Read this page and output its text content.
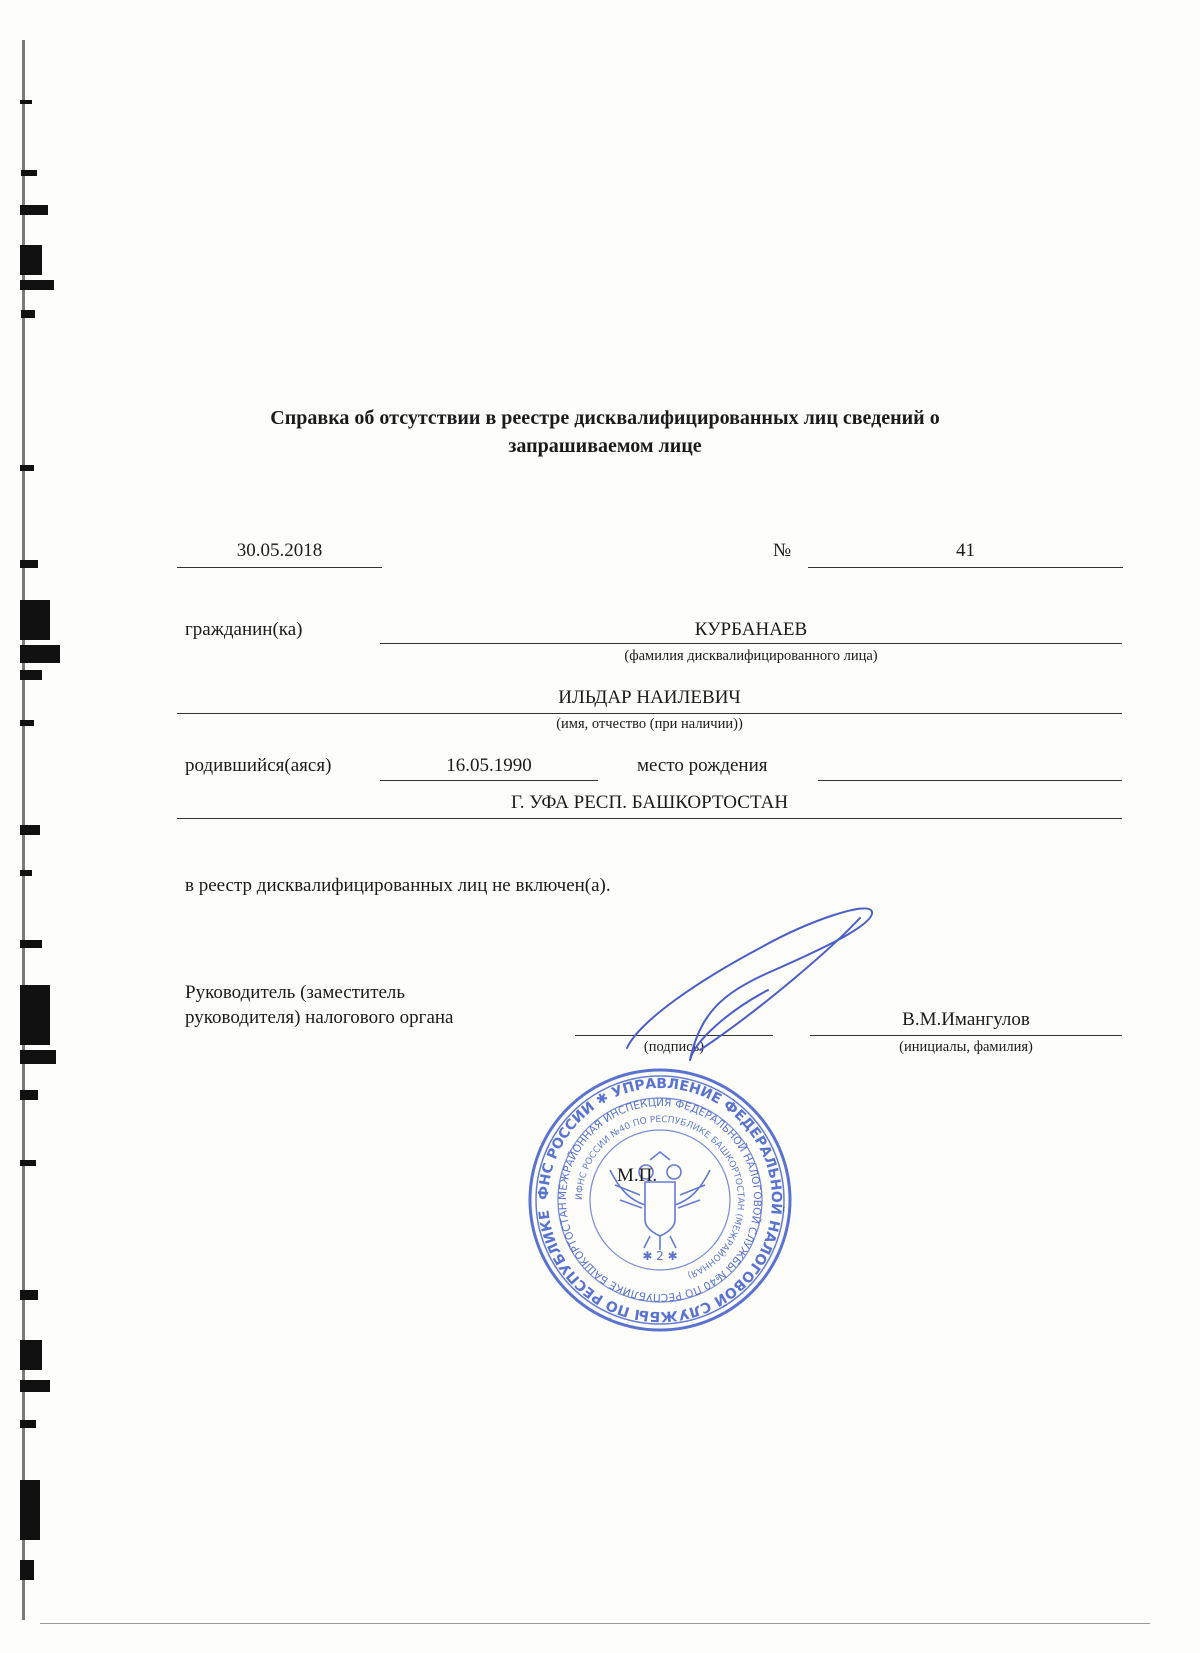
Справка об отсутствии в реестре дисквалифицированных лиц сведений о
запрашиваемом лице
30.05.2018	№	41
гражданин(ка)	КУРБАНАЕВ
(фамилия дисквалифицированного лица)
ИЛЬДАР НАИЛЕВИЧ
(имя, отчество (при наличии))
родившийся(аяся)	16.05.1990	место рождения
Г. УФА РЕСП. БАШКОРТОСТАН
в реестр дисквалифицированных лиц не включен(а).
Руководитель (заместитель
руководителя) налогового органа
(подпись)
В.М.Имангулов
(инициалы, фамилия)
ФНС РОССИИ ✱ УПРАВЛЕНИЕ ФЕДЕРАЛЬНОЙ НАЛОГОВОЙ СЛУЖБЫ ПО РЕСПУБЛИКЕ БАШКОРТОСТАН
МЕЖРАЙОННАЯ ИНСПЕКЦИЯ ФЕДЕРАЛЬНОЙ НАЛОГОВОЙ СЛУЖБЫ №40 ПО РЕСПУБЛИКЕ БАШКОРТОСТАН
ИФНС РОССИИ №40 ПО РЕСПУБЛИКЕ БАШКОРТОСТАН (МЕЖРАЙОННАЯ)
✱ 2 ✱
М.П.
